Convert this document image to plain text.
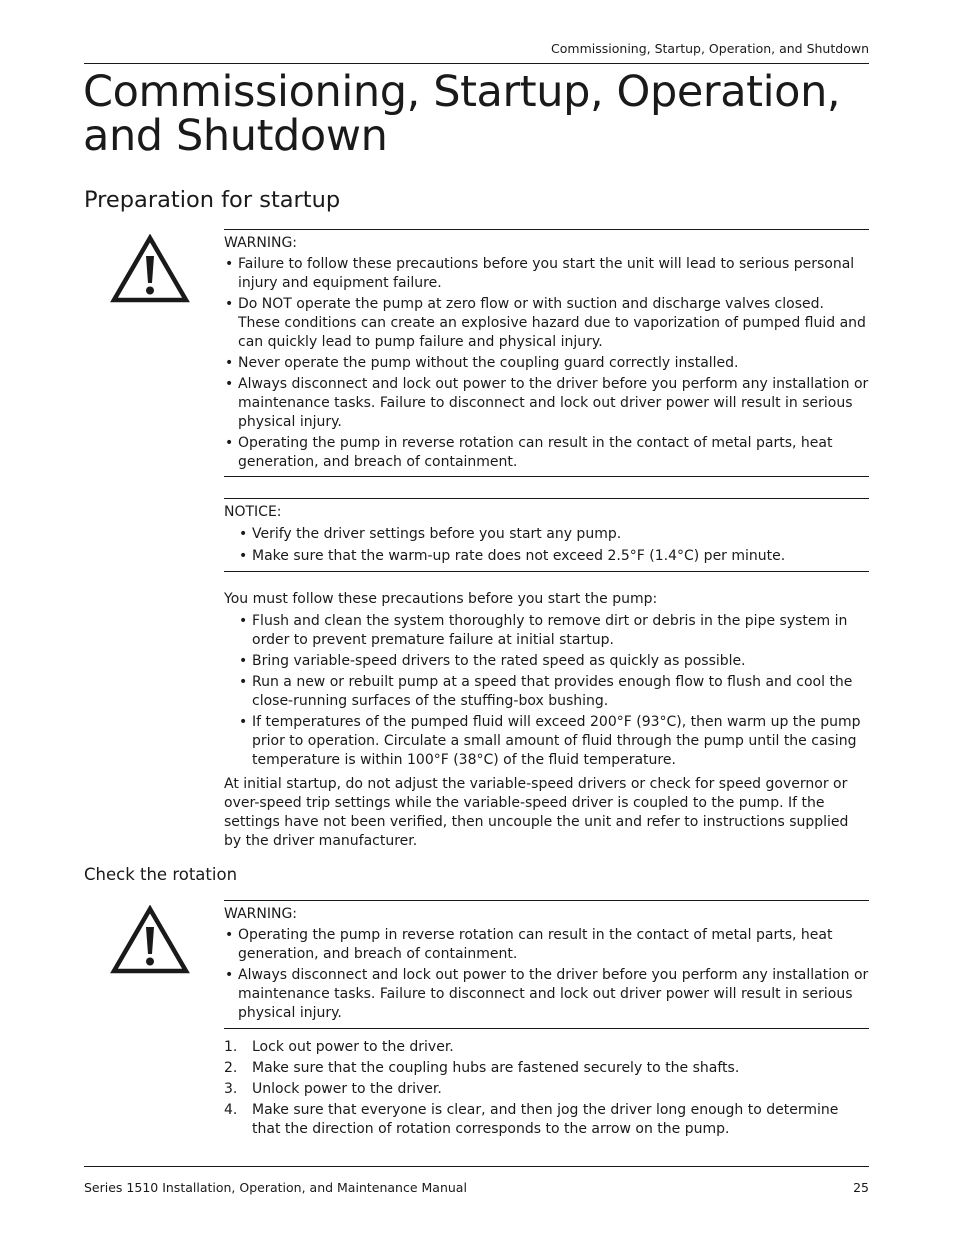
Commissioning, Startup, Operation, and Shutdown
Commissioning, Startup, Operation, and Shutdown
Preparation for startup

WARNING:

• Failure to follow these precautions before you start the unit will lead to serious personal injury and equipment failure.
• Do NOT operate the pump at zero flow or with suction and discharge valves closed. These conditions can create an explosive hazard due to vaporization of pumped fluid and can quickly lead to pump failure and physical injury.
• Never operate the pump without the coupling guard correctly installed.
• Always disconnect and lock out power to the driver before you perform any installation or maintenance tasks. Failure to disconnect and lock out driver power will result in serious physical injury.
• Operating the pump in reverse rotation can result in the contact of metal parts, heat generation, and breach of containment.

NOTICE:

• Verify the driver settings before you start any pump.
• Make sure that the warm-up rate does not exceed 2.5°F (1.4°C) per minute.

You must follow these precautions before you start the pump:

• Flush and clean the system thoroughly to remove dirt or debris in the pipe system in order to prevent premature failure at initial startup.
• Bring variable-speed drivers to the rated speed as quickly as possible.
• Run a new or rebuilt pump at a speed that provides enough flow to flush and cool the close-running surfaces of the stuffing-box bushing.
• If temperatures of the pumped fluid will exceed 200°F (93°C), then warm up the pump prior to operation. Circulate a small amount of fluid through the pump until the casing temperature is within 100°F (38°C) of the fluid temperature.

At initial startup, do not adjust the variable-speed drivers or check for speed governor or over-speed trip settings while the variable-speed driver is coupled to the pump. If the settings have not been verified, then uncouple the unit and refer to instructions supplied by the driver manufacturer.

Check the rotation

WARNING:

• Operating the pump in reverse rotation can result in the contact of metal parts, heat generation, and breach of containment.
• Always disconnect and lock out power to the driver before you perform any installation or maintenance tasks. Failure to disconnect and lock out driver power will result in serious physical injury.
1. Lock out power to the driver.
2. Make sure that the coupling hubs are fastened securely to the shafts.
3. Unlock power to the driver.
4. Make sure that everyone is clear, and then jog the driver long enough to determine that the direction of rotation corresponds to the arrow on the pump.
Series 1510 Installation, Operation, and Maintenance Manual	25
